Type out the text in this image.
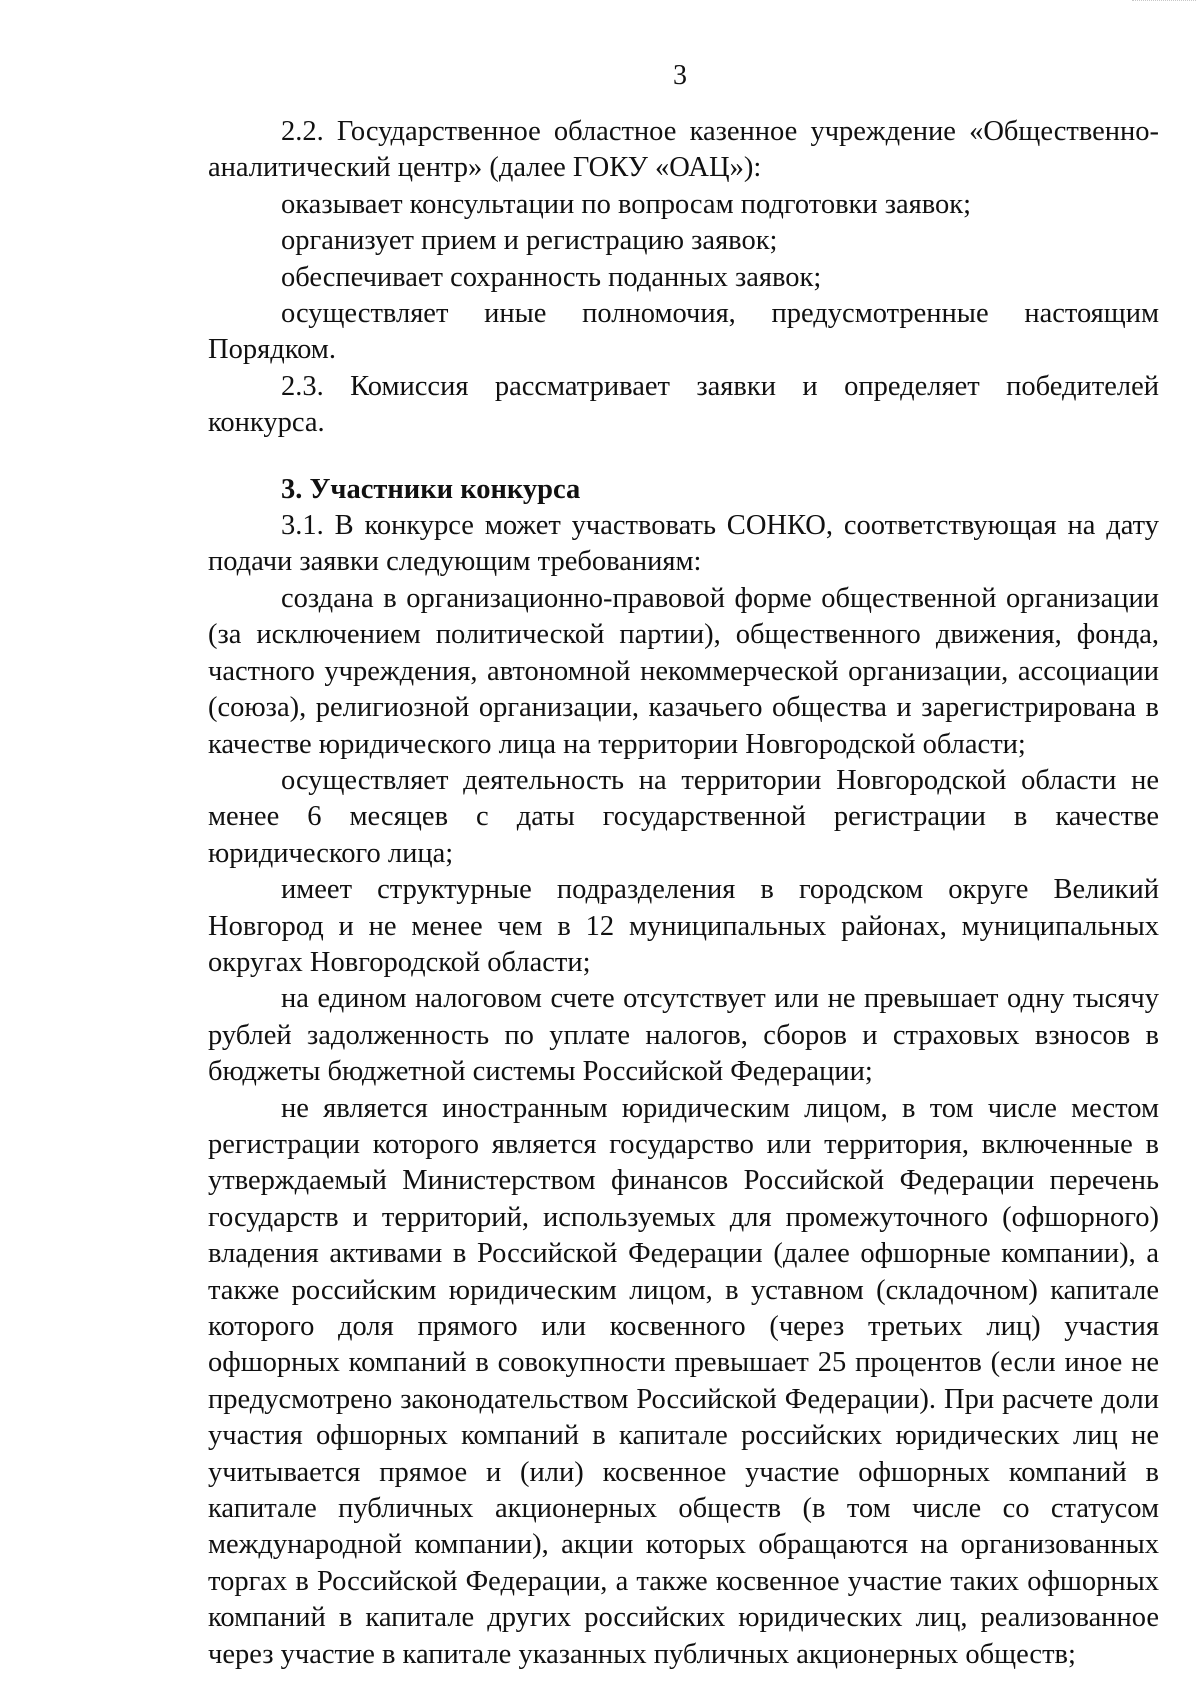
3

2.2. Государственное областное казенное учреждение «Общественно-аналитический центр» (далее ГОКУ «ОАЦ»):

оказывает консультации по вопросам подготовки заявок;

организует прием и регистрацию заявок;

обеспечивает сохранность поданных заявок;

осуществляет иные полномочия, предусмотренные настоящим Порядком.

2.3. Комиссия рассматривает заявки и определяет победителей конкурса.

3. Участники конкурса

3.1. В конкурсе может участвовать СОНКО, соответствующая на дату подачи заявки следующим требованиям:

создана в организационно-правовой форме общественной организации (за исключением политической партии), общественного движения, фонда, частного учреждения, автономной некоммерческой организации, ассоциации (союза), религиозной организации, казачьего общества и зарегистрирована в качестве юридического лица на территории Новгородской области;

осуществляет деятельность на территории Новгородской области не менее 6 месяцев с даты государственной регистрации в качестве юридического лица;

имеет структурные подразделения в городском округе Великий Новгород и не менее чем в 12 муниципальных районах, муниципальных округах Новгородской области;

на едином налоговом счете отсутствует или не превышает одну тысячу рублей задолженность по уплате налогов, сборов и страховых взносов в бюджеты бюджетной системы Российской Федерации;

не является иностранным юридическим лицом, в том числе местом регистрации которого является государство или территория, включенные в утверждаемый Министерством финансов Российской Федерации перечень государств и территорий, используемых для промежуточного (офшорного) владения активами в Российской Федерации (далее офшорные компании), а также российским юридическим лицом, в уставном (складочном) капитале которого доля прямого или косвенного (через третьих лиц) участия офшорных компаний в совокупности превышает 25 процентов (если иное не предусмотрено законодательством Российской Федерации). При расчете доли участия офшорных компаний в капитале российских юридических лиц не учитывается прямое и (или) косвенное участие офшорных компаний в капитале публичных акционерных обществ (в том числе со статусом международной компании), акции которых обращаются на организованных торгах в Российской Федерации, а также косвенное участие таких офшорных компаний в капитале других российских юридических лиц, реализованное через участие в капитале указанных публичных акционерных обществ;
